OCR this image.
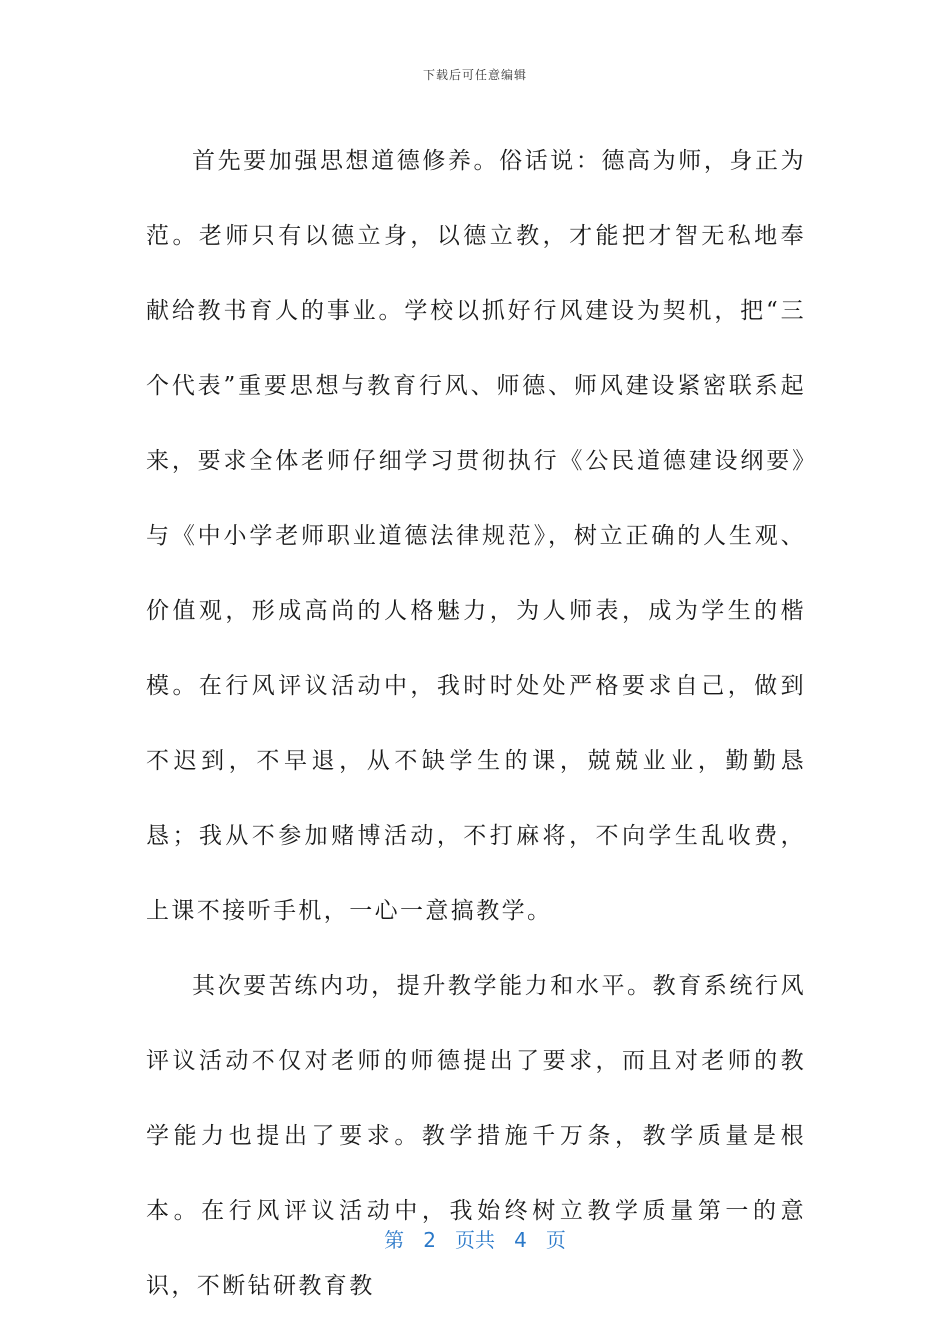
下载后可任意编辑

首先要加强思想道德修养。俗话说：德高为师，身正为范。老师只有以德立身，以德立教，才能把才智无私地奉献给教书育人的事业。学校以抓好行风建设为契机，把“三个代表”重要思想与教育行风、师德、师风建设紧密联系起来，要求全体老师仔细学习贯彻执行《公民道德建设纲要》与《中小学老师职业道德法律规范》，树立正确的人生观、价值观，形成高尚的人格魅力，为人师表，成为学生的楷模。在行风评议活动中，我时时处处严格要求自己，做到不迟到，不早退，从不缺学生的课，兢兢业业，勤勤恳恳；我从不参加赌博活动，不打麻将，不向学生乱收费，上课不接听手机，一心一意搞教学。

其次要苦练内功，提升教学能力和水平。教育系统行风评议活动不仅对老师的师德提出了要求，而且对老师的教学能力也提出了要求。教学措施千万条，教学质量是根本。在行风评议活动中，我始终树立教学质量第一的意识，不断钻研教育教

第 2 页共 4 页
